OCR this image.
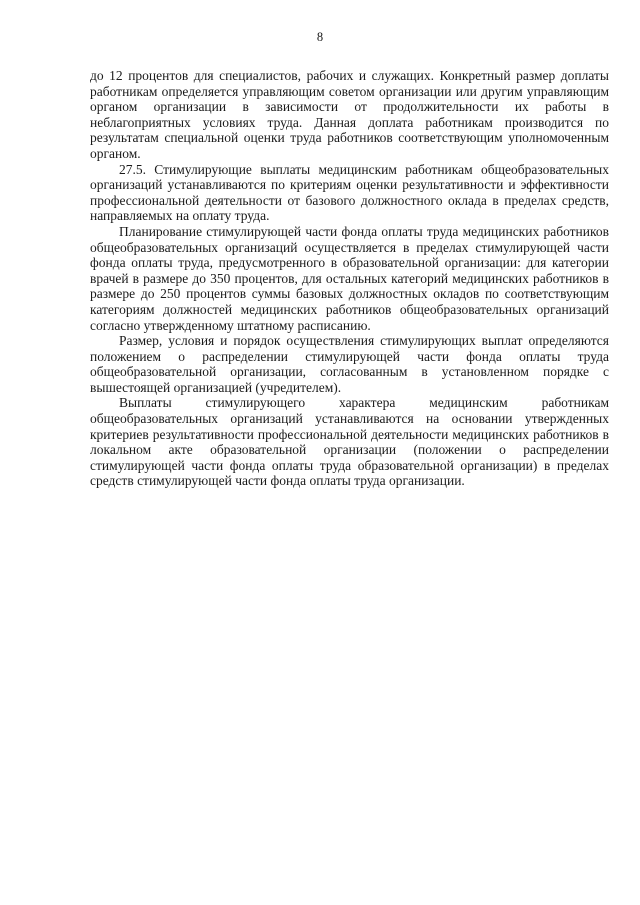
8

до 12 процентов для специалистов, рабочих и служащих. Конкретный размер доплаты работникам определяется управляющим советом организации или другим управляющим органом организации в зависимости от продолжительности их работы в неблагоприятных условиях труда. Данная доплата работникам производится по результатам специальной оценки труда работников соответствующим уполномоченным органом.

27.5. Стимулирующие выплаты медицинским работникам общеобразовательных организаций устанавливаются по критериям оценки результативности и эффективности профессиональной деятельности от базового должностного оклада в пределах средств, направляемых на оплату труда.

Планирование стимулирующей части фонда оплаты труда медицинских работников общеобразовательных организаций осуществляется в пределах стимулирующей части фонда оплаты труда, предусмотренного в образовательной организации: для категории врачей в размере до 350 процентов, для остальных категорий медицинских работников в размере до 250 процентов суммы базовых должностных окладов по соответствующим категориям должностей медицинских работников общеобразовательных организаций согласно утвержденному штатному расписанию.

Размер, условия и порядок осуществления стимулирующих выплат определяются положением о распределении стимулирующей части фонда оплаты труда общеобразовательной организации, согласованным в установленном порядке с вышестоящей организацией (учредителем).

Выплаты стимулирующего характера медицинским работникам общеобразовательных организаций устанавливаются на основании утвержденных критериев результативности профессиональной деятельности медицинских работников в локальном акте образовательной организации (положении о распределении стимулирующей части фонда оплаты труда образовательной организации) в пределах средств стимулирующей части фонда оплаты труда организации.
